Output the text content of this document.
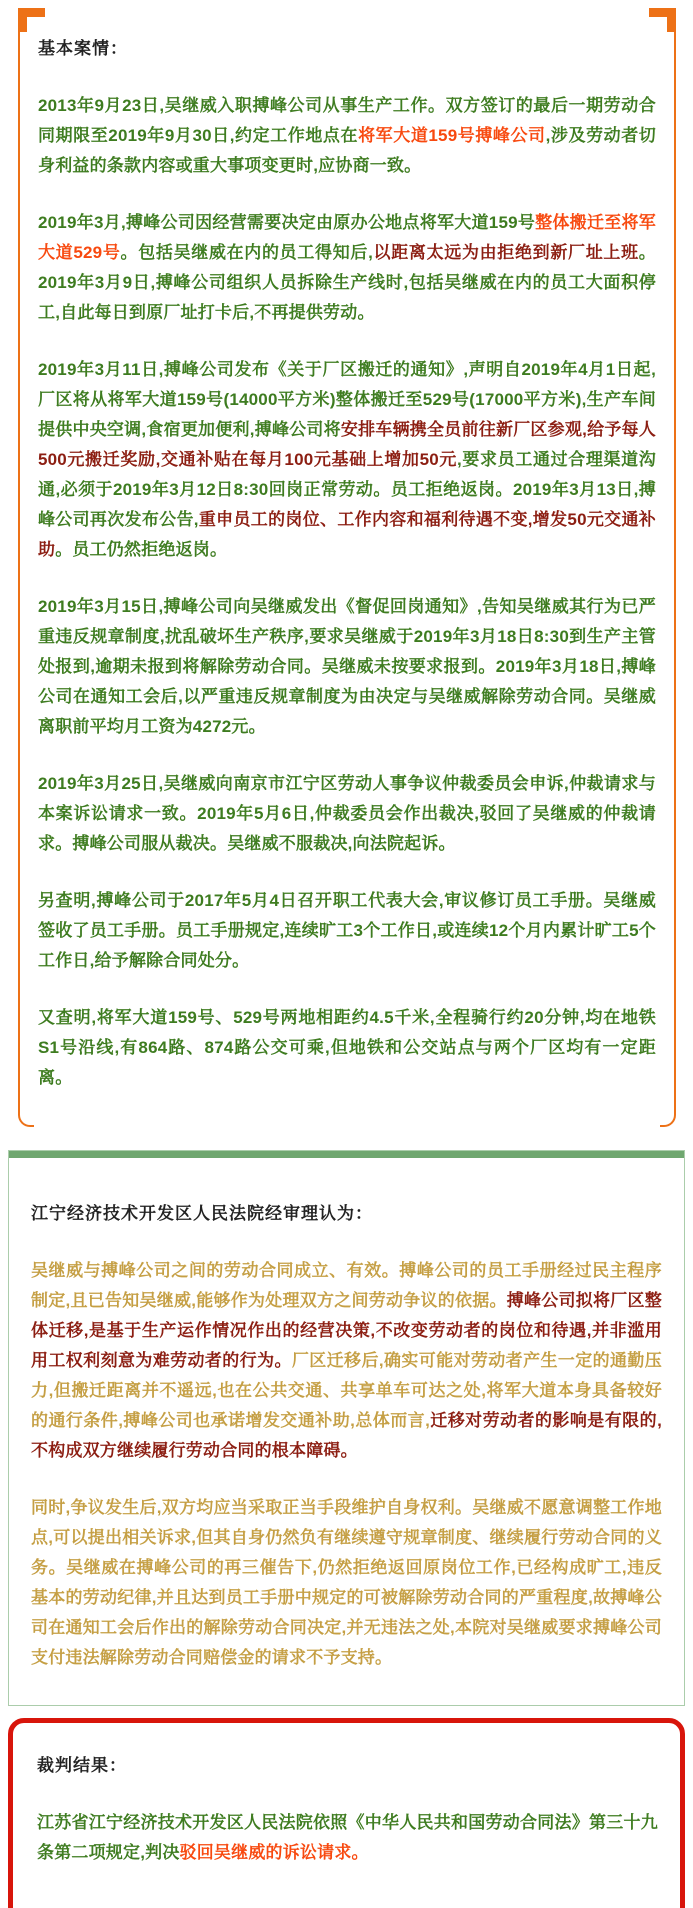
基本案情：

2013年9月23日,吴继威入职搏峰公司从事生产工作。双方签订的最后一期劳动合同期限至2019年9月30日,约定工作地点在将军大道159号搏峰公司,涉及劳动者切身利益的条款内容或重大事项变更时,应协商一致。

2019年3月,搏峰公司因经营需要决定由原办公地点将军大道159号整体搬迁至将军大道529号。包括吴继威在内的员工得知后,以距离太远为由拒绝到新厂址上班。2019年3月9日,搏峰公司组织人员拆除生产线时,包括吴继威在内的员工大面积停工,自此每日到原厂址打卡后,不再提供劳动。

2019年3月11日,搏峰公司发布《关于厂区搬迁的通知》,声明自2019年4月1日起,厂区将从将军大道159号(14000平方米)整体搬迁至529号(17000平方米),生产车间提供中央空调,食宿更加便利,搏峰公司将安排车辆携全员前往新厂区参观,给予每人500元搬迁奖励,交通补贴在每月100元基础上增加50元,要求员工通过合理渠道沟通,必须于2019年3月12日8:30回岗正常劳动。员工拒绝返岗。2019年3月13日,搏峰公司再次发布公告,重申员工的岗位、工作内容和福利待遇不变,增发50元交通补助。员工仍然拒绝返岗。

2019年3月15日,搏峰公司向吴继威发出《督促回岗通知》,告知吴继威其行为已严重违反规章制度,扰乱破坏生产秩序,要求吴继威于2019年3月18日8:30到生产主管处报到,逾期未报到将解除劳动合同。吴继威未按要求报到。2019年3月18日,搏峰公司在通知工会后,以严重违反规章制度为由决定与吴继威解除劳动合同。吴继威离职前平均月工资为4272元。

2019年3月25日,吴继威向南京市江宁区劳动人事争议仲裁委员会申诉,仲裁请求与本案诉讼请求一致。2019年5月6日,仲裁委员会作出裁决,驳回了吴继威的仲裁请求。搏峰公司服从裁决。吴继威不服裁决,向法院起诉。

另查明,搏峰公司于2017年5月4日召开职工代表大会,审议修订员工手册。吴继威签收了员工手册。员工手册规定,连续旷工3个工作日,或连续12个月内累计旷工5个工作日,给予解除合同处分。

又查明,将军大道159号、529号两地相距约4.5千米,全程骑行约20分钟,均在地铁S1号沿线,有864路、874路公交可乘,但地铁和公交站点与两个厂区均有一定距离。

江宁经济技术开发区人民法院经审理认为：

吴继威与搏峰公司之间的劳动合同成立、有效。搏峰公司的员工手册经过民主程序制定,且已告知吴继威,能够作为处理双方之间劳动争议的依据。搏峰公司拟将厂区整体迁移,是基于生产运作情况作出的经营决策,不改变劳动者的岗位和待遇,并非滥用用工权利刻意为难劳动者的行为。厂区迁移后,确实可能对劳动者产生一定的通勤压力,但搬迁距离并不遥远,也在公共交通、共享单车可达之处,将军大道本身具备较好的通行条件,搏峰公司也承诺增发交通补助,总体而言,迁移对劳动者的影响是有限的,不构成双方继续履行劳动合同的根本障碍。

同时,争议发生后,双方均应当采取正当手段维护自身权利。吴继威不愿意调整工作地点,可以提出相关诉求,但其自身仍然负有继续遵守规章制度、继续履行劳动合同的义务。吴继威在搏峰公司的再三催告下,仍然拒绝返回原岗位工作,已经构成旷工,违反基本的劳动纪律,并且达到员工手册中规定的可被解除劳动合同的严重程度,故搏峰公司在通知工会后作出的解除劳动合同决定,并无违法之处,本院对吴继威要求搏峰公司支付违法解除劳动合同赔偿金的请求不予支持。

裁判结果：

江苏省江宁经济技术开发区人民法院依照《中华人民共和国劳动合同法》第三十九条第二项规定,判决驳回吴继威的诉讼请求。
